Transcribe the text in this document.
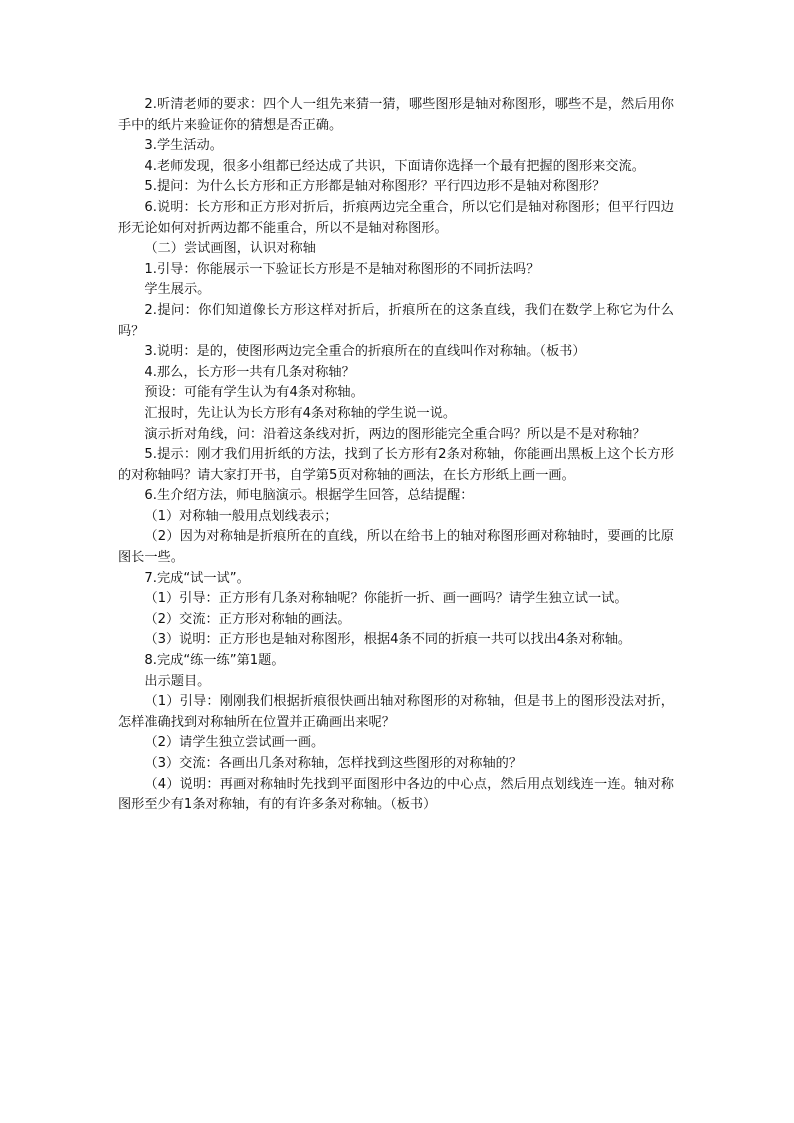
2.听清老师的要求：四个人一组先来猜一猜，哪些图形是轴对称图形，哪些不是，然后用你手中的纸片来验证你的猜想是否正确。

3.学生活动。

4.老师发现，很多小组都已经达成了共识，下面请你选择一个最有把握的图形来交流。

5.提问：为什么长方形和正方形都是轴对称图形？平行四边形不是轴对称图形？

6.说明：长方形和正方形对折后，折痕两边完全重合，所以它们是轴对称图形；但平行四边形无论如何对折两边都不能重合，所以不是轴对称图形。

（二）尝试画图，认识对称轴

1.引导：你能展示一下验证长方形是不是轴对称图形的不同折法吗？

学生展示。

2.提问：你们知道像长方形这样对折后，折痕所在的这条直线，我们在数学上称它为什么吗？

3.说明：是的，使图形两边完全重合的折痕所在的直线叫作对称轴。（板书）

4.那么，长方形一共有几条对称轴？

预设：可能有学生认为有4条对称轴。

汇报时，先让认为长方形有4条对称轴的学生说一说。

演示折对角线，问：沿着这条线对折，两边的图形能完全重合吗？所以是不是对称轴？

5.提示：刚才我们用折纸的方法，找到了长方形有2条对称轴，你能画出黑板上这个长方形的对称轴吗？请大家打开书，自学第5页对称轴的画法，在长方形纸上画一画。

6.生介绍方法，师电脑演示。根据学生回答，总结提醒：

（1）对称轴一般用点划线表示；

（2）因为对称轴是折痕所在的直线，所以在给书上的轴对称图形画对称轴时，要画的比原图长一些。

7.完成“试一试”。

（1）引导：正方形有几条对称轴呢？你能折一折、画一画吗？请学生独立试一试。

（2）交流：正方形对称轴的画法。

（3）说明：正方形也是轴对称图形，根据4条不同的折痕一共可以找出4条对称轴。

8.完成“练一练”第1题。

出示题目。

（1）引导：刚刚我们根据折痕很快画出轴对称图形的对称轴，但是书上的图形没法对折，怎样准确找到对称轴所在位置并正确画出来呢？

（2）请学生独立尝试画一画。

（3）交流：各画出几条对称轴，怎样找到这些图形的对称轴的？

（4）说明：再画对称轴时先找到平面图形中各边的中心点，然后用点划线连一连。轴对称图形至少有1条对称轴，有的有许多条对称轴。（板书）
